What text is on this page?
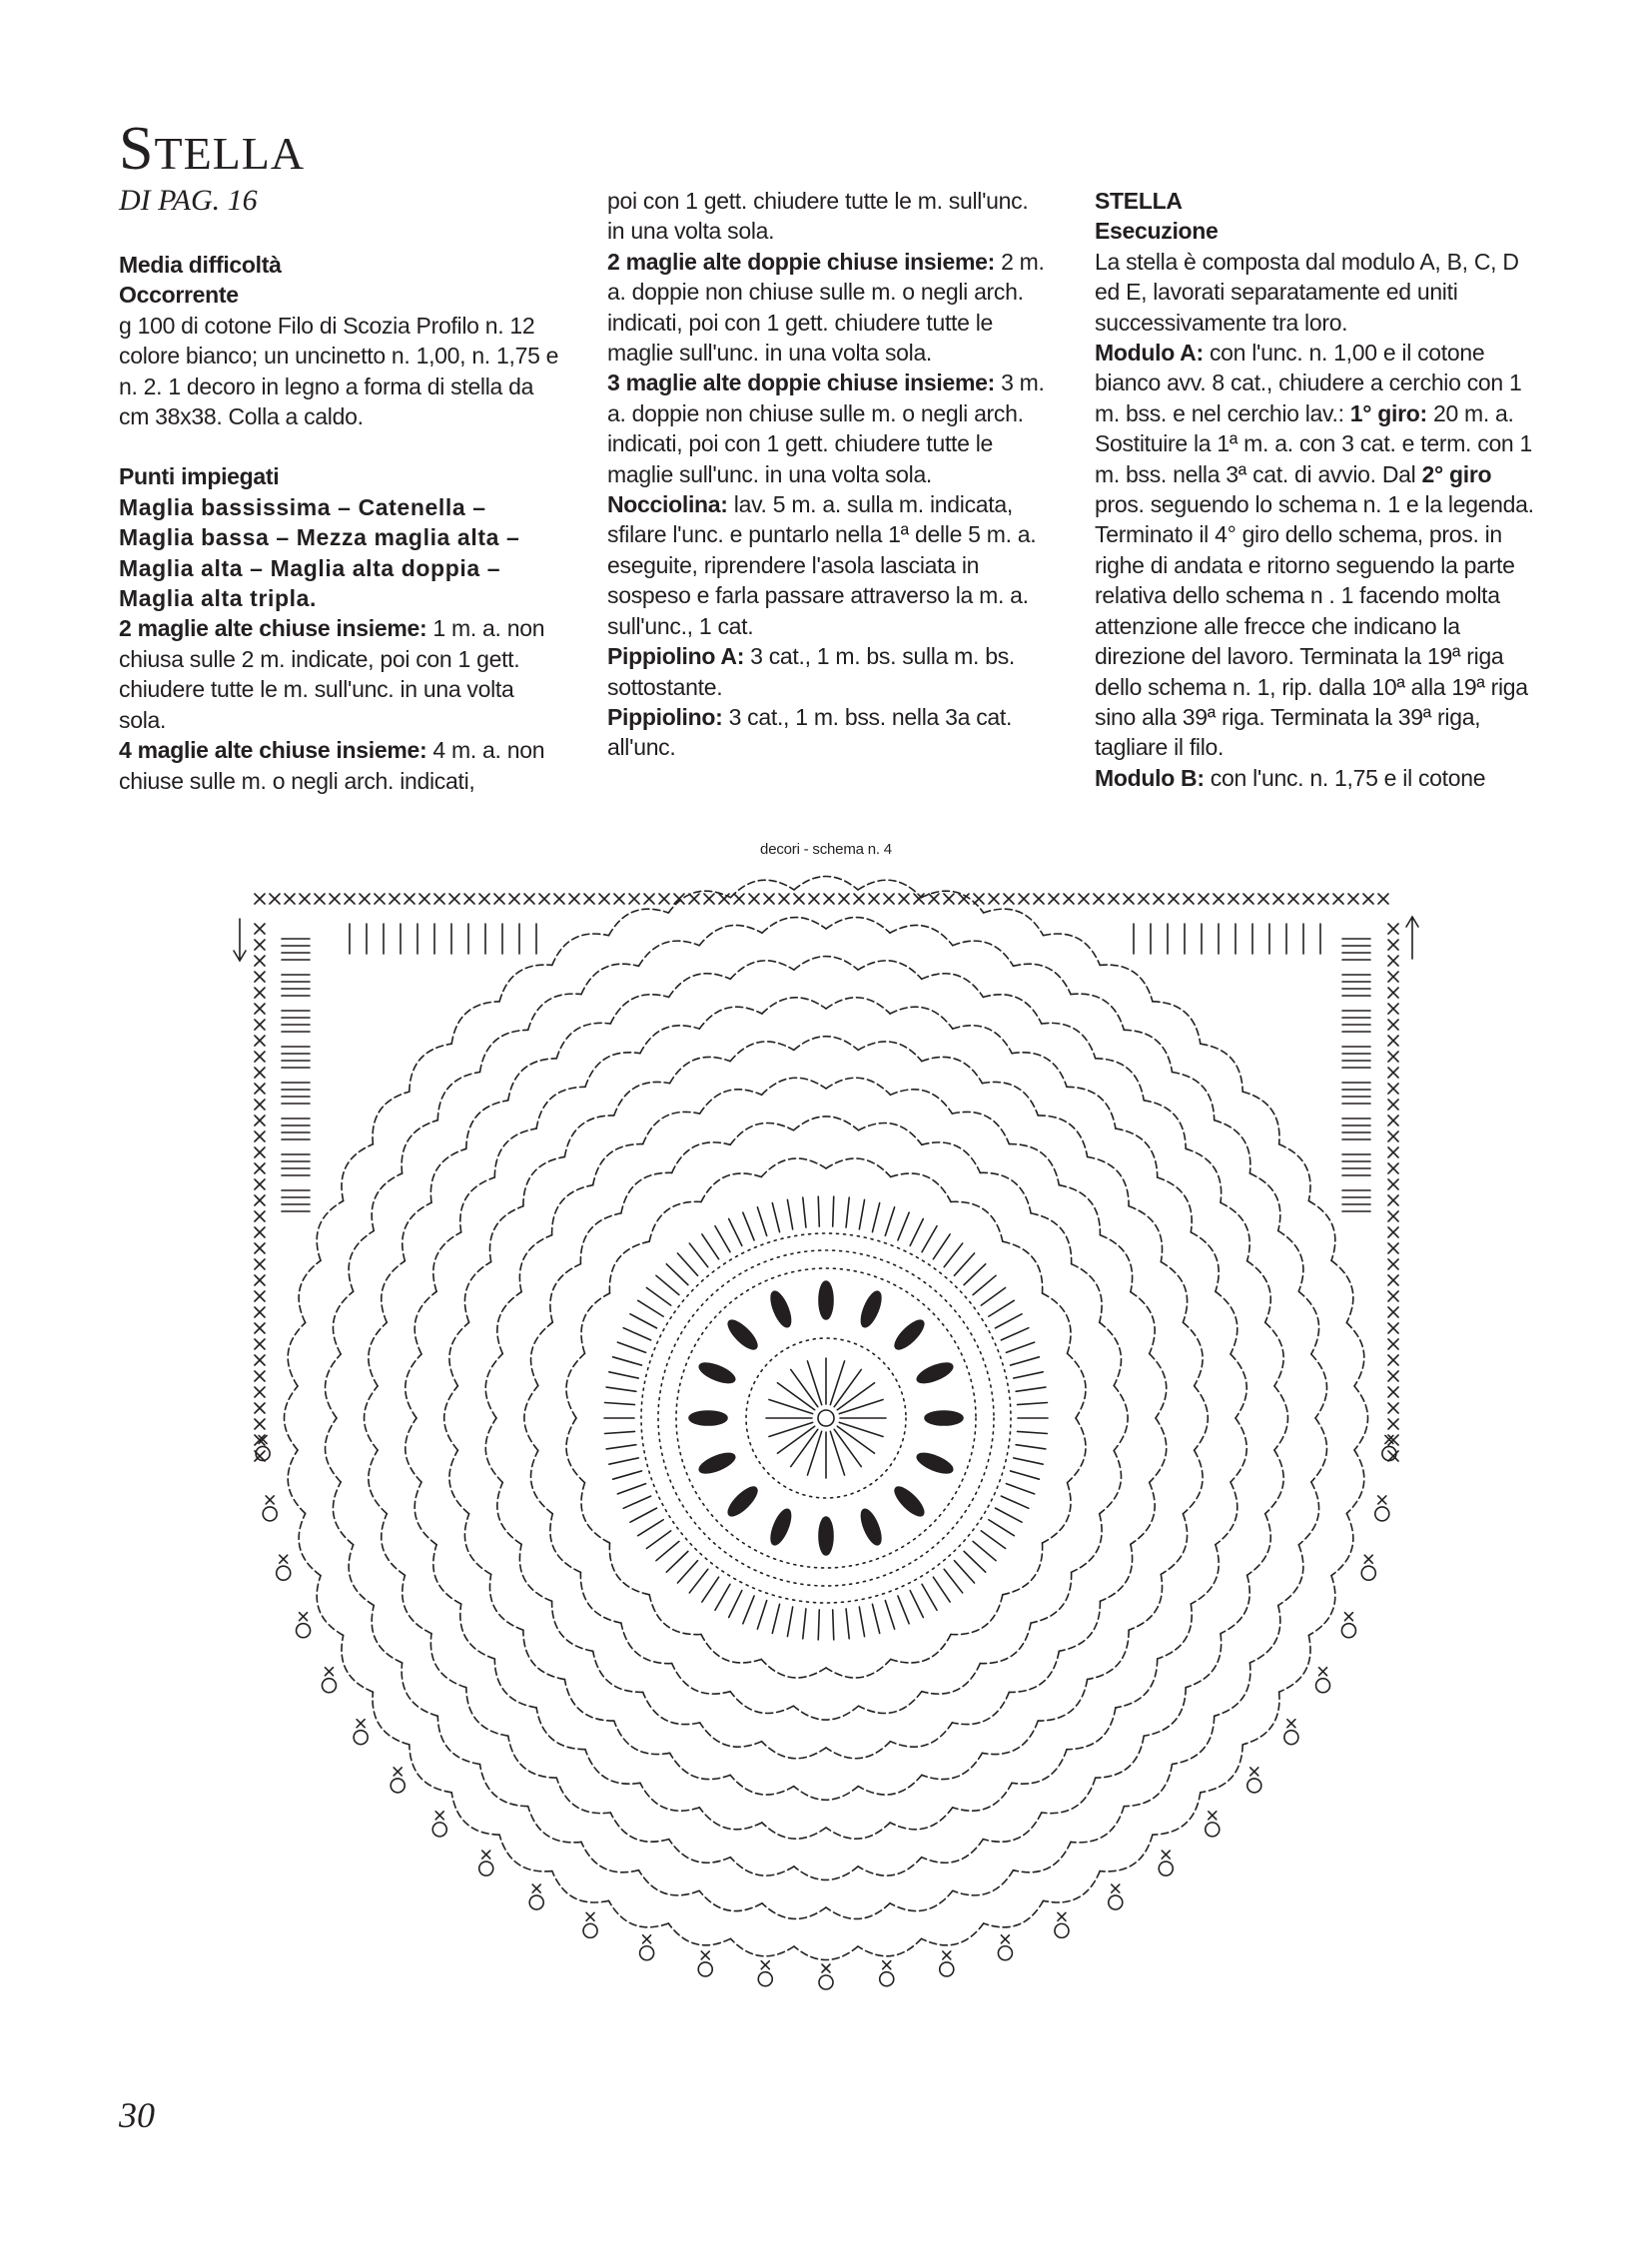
STELLA
DI PAG. 16

Media difficoltà

Occorrente

g 100 di cotone Filo di Scozia Profilo n. 12 colore bianco; un uncinetto n. 1,00, n. 1,75 e n. 2. 1 decoro in legno a forma di stella da cm 38x38. Colla a caldo.

Punti impiegati

Maglia bassissima – Catenella – Maglia bassa – Mezza maglia alta – Maglia alta – Maglia alta doppia – Maglia alta tripla.

2 maglie alte chiuse insieme: 1 m. a. non chiusa sulle 2 m. indicate, poi con 1 gett. chiudere tutte le m. sull'unc. in una volta sola.

4 maglie alte chiuse insieme: 4 m. a. non chiuse sulle m. o negli arch. indicati,

poi con 1 gett. chiudere tutte le m. sull'unc. in una volta sola.

2 maglie alte doppie chiuse insieme: 2 m. a. doppie non chiuse sulle m. o negli arch. indicati, poi con 1 gett. chiudere tutte le maglie sull'unc. in una volta sola.

3 maglie alte doppie chiuse insieme: 3 m. a. doppie non chiuse sulle m. o negli arch. indicati, poi con 1 gett. chiudere tutte le maglie sull'unc. in una volta sola.

Nocciolina: lav. 5 m. a. sulla m. indicata, sfilare l'unc. e puntarlo nella 1ª delle 5 m. a. eseguite, riprendere l'asola lasciata in sospeso e farla passare attraverso la m. a. sull'unc., 1 cat.

Pippiolino A: 3 cat., 1 m. bs. sulla m. bs. sottostante.

Pippiolino: 3 cat., 1 m. bss. nella 3a cat. all'unc.

STELLA

Esecuzione

La stella è composta dal modulo A, B, C, D ed E, lavorati separatamente ed uniti successivamente tra loro.

Modulo A: con l'unc. n. 1,00 e il cotone bianco avv. 8 cat., chiudere a cerchio con 1 m. bss. e nel cerchio lav.: 1° giro: 20 m. a. Sostituire la 1ª m. a. con 3 cat. e term. con 1 m. bss. nella 3ª cat. di avvio. Dal 2° giro pros. seguendo lo schema n. 1 e la legenda. Terminato il 4° giro dello schema, pros. in righe di andata e ritorno seguendo la parte relativa dello schema n . 1 facendo molta attenzione alle frecce che indicano la direzione del lavoro. Terminata la 19ª riga dello schema n. 1, rip. dalla 10ª alla 19ª riga sino alla 39ª riga. Terminata la 39ª riga, tagliare il filo.

Modulo B: con l'unc. n. 1,75 e il cotone

decori - schema n. 4
30
